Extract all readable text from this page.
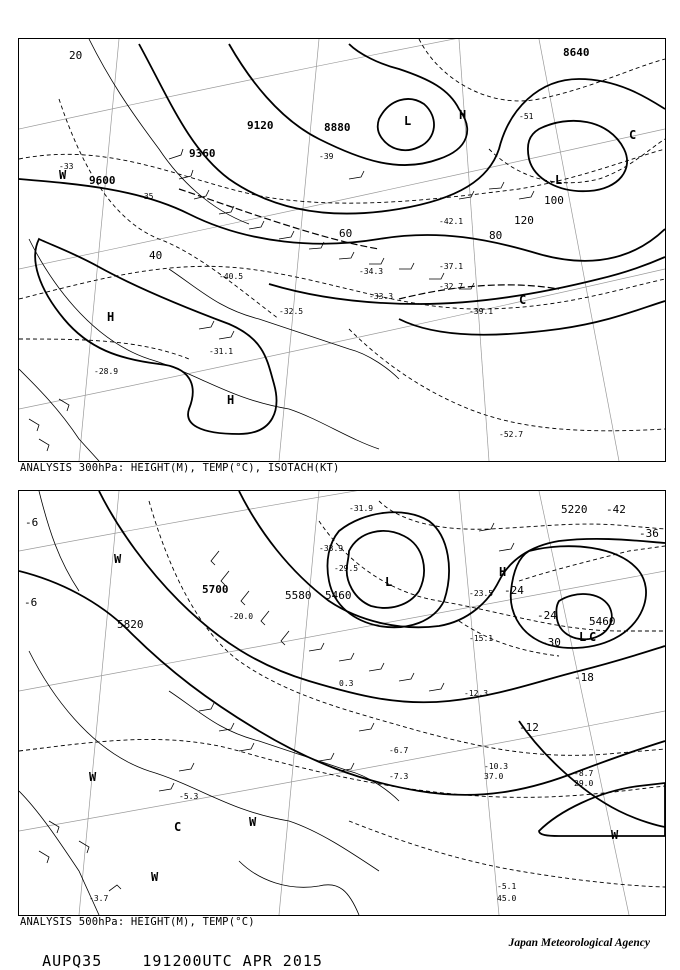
-33
-35
-37.1
-39
-40.5
-42.1
-51
-52.7
-31.1
-32.7
-39.1
-33.3
-34.3
-28.9
-32.5
9600
9360
9120	8880
8640
20
40
60	80
100
120
H
H
L
L
H
C
C
W
ANALYSIS 300hPa: HEIGHT(M), TEMP(°C), ISOTACH(KT)
-31.9
-33.9
-23.5
-15.1
-12.3
-10.3
-6.7
-7.3
-5.1
-3.7
-5.3
-8.7
-29.5
-20.0
0.3
37.0
45.0
29.0
5820
5700	5580 5460
5220
5460
-6
-12
-18
-24
-30
-36
-42
-24
-6
L
H
L C
C
W
W
W
W
W
ANALYSIS 500hPa: HEIGHT(M), TEMP(°C)

AUPQ35	191200UTC APR 2015

Japan Meteorological Agency
